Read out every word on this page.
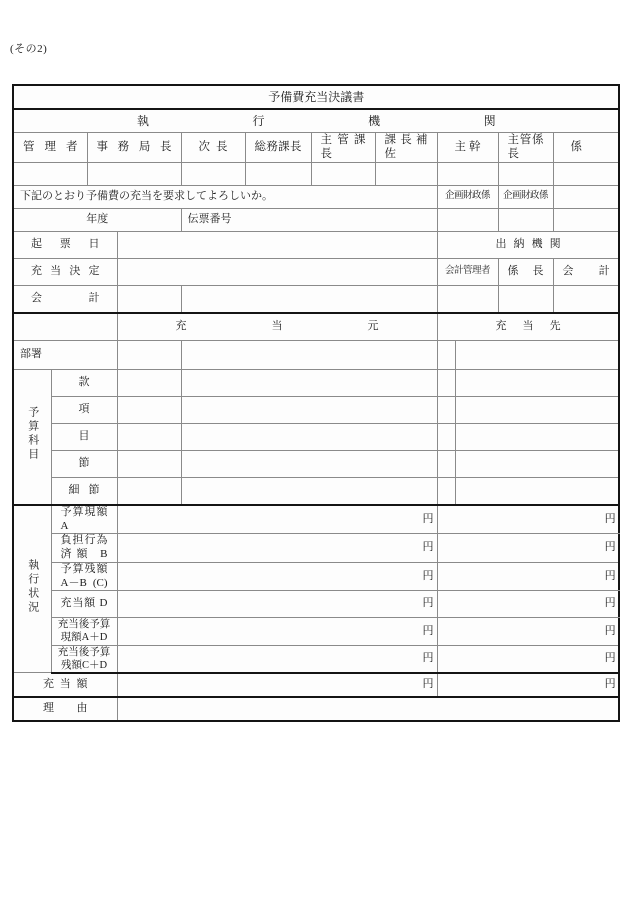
(その2)
予備費充当決議書												

執行機関												

管理者		事務局長		次長	総務課長	主管課長	課長補佐	主幹		主管係長	係	

下記のとおり予備費の充当を要求してよろしいか。								企画財政係		企画財政係		
年度				伝票番号								

起票日								出納機関				

充当決定								会計管理者		係長	会計	

会計												

			充当元					充当先				

部署												
予算科目	款											
	項											
	目											
	節											

	細節											

執行状況	予算現額 A		円					円				

	負担行為済額 B		円					円				

	予算残額 A－B (C)		円					円				

	充当額 D		円					円				
	充当後予算現額A＋D		円					円				
	充当後予算残額C＋D		円					円				

充当額			円					円				

理由												
